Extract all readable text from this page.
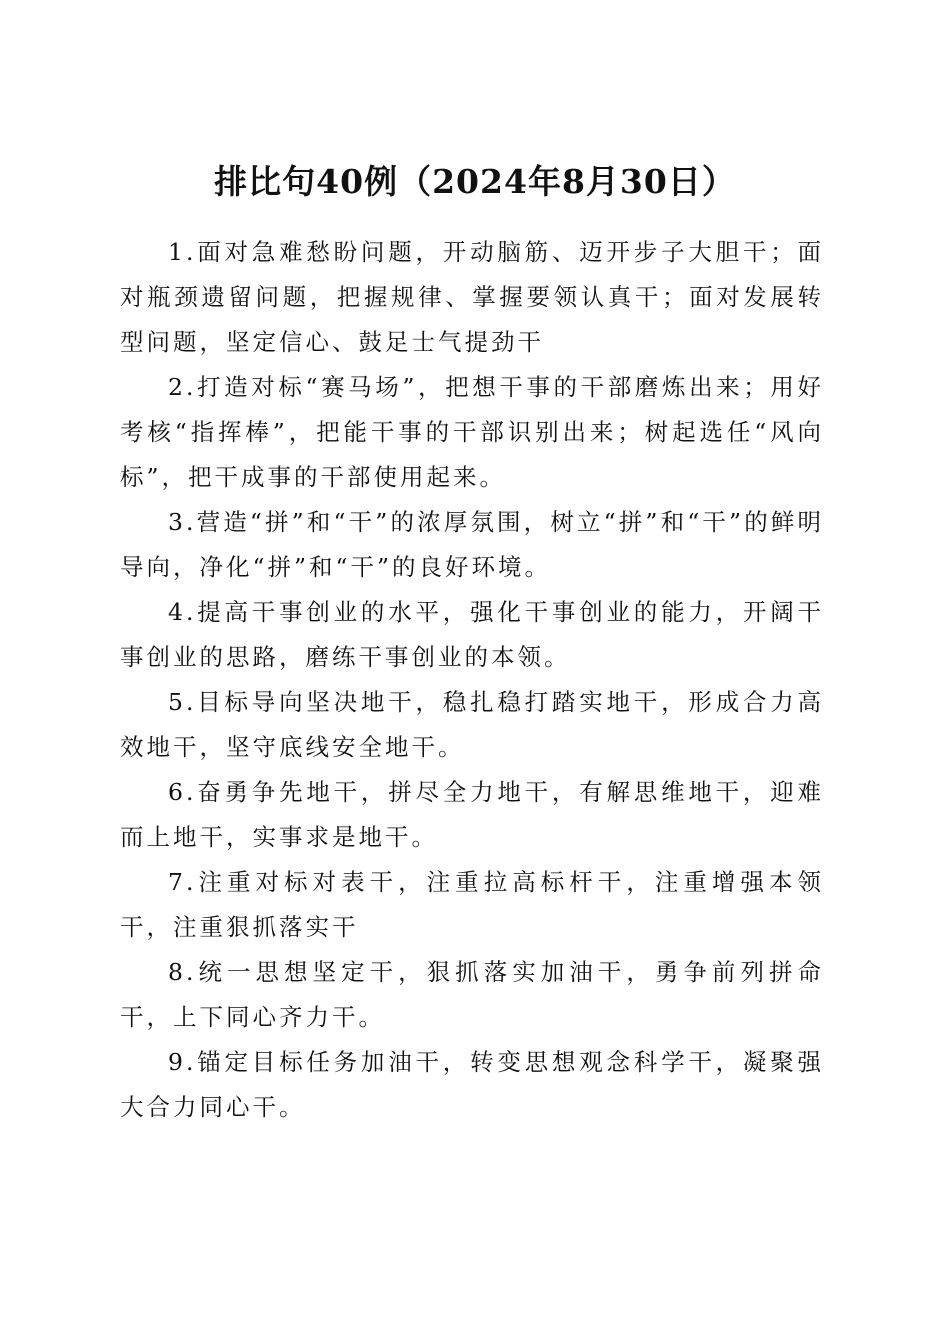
排比句40例（2024年8月30日）

1.面对急难愁盼问题，开动脑筋、迈开步子大胆干；面对瓶颈遗留问题，把握规律、掌握要领认真干；面对发展转型问题，坚定信心、鼓足士气提劲干

2.打造对标“赛马场”，把想干事的干部磨炼出来；用好考核“指挥棒”，把能干事的干部识别出来；树起选任“风向标”，把干成事的干部使用起来。

3.营造“拼”和“干”的浓厚氛围，树立“拼”和“干”的鲜明导向，净化“拼”和“干”的良好环境。

4.提高干事创业的水平，强化干事创业的能力，开阔干事创业的思路，磨练干事创业的本领。

5.目标导向坚决地干，稳扎稳打踏实地干，形成合力高效地干，坚守底线安全地干。

6.奋勇争先地干，拼尽全力地干，有解思维地干，迎难而上地干，实事求是地干。

7.注重对标对表干，注重拉高标杆干，注重增强本领干，注重狠抓落实干

8.统一思想坚定干，狠抓落实加油干，勇争前列拼命干，上下同心齐力干。

9.锚定目标任务加油干，转变思想观念科学干，凝聚强大合力同心干。
